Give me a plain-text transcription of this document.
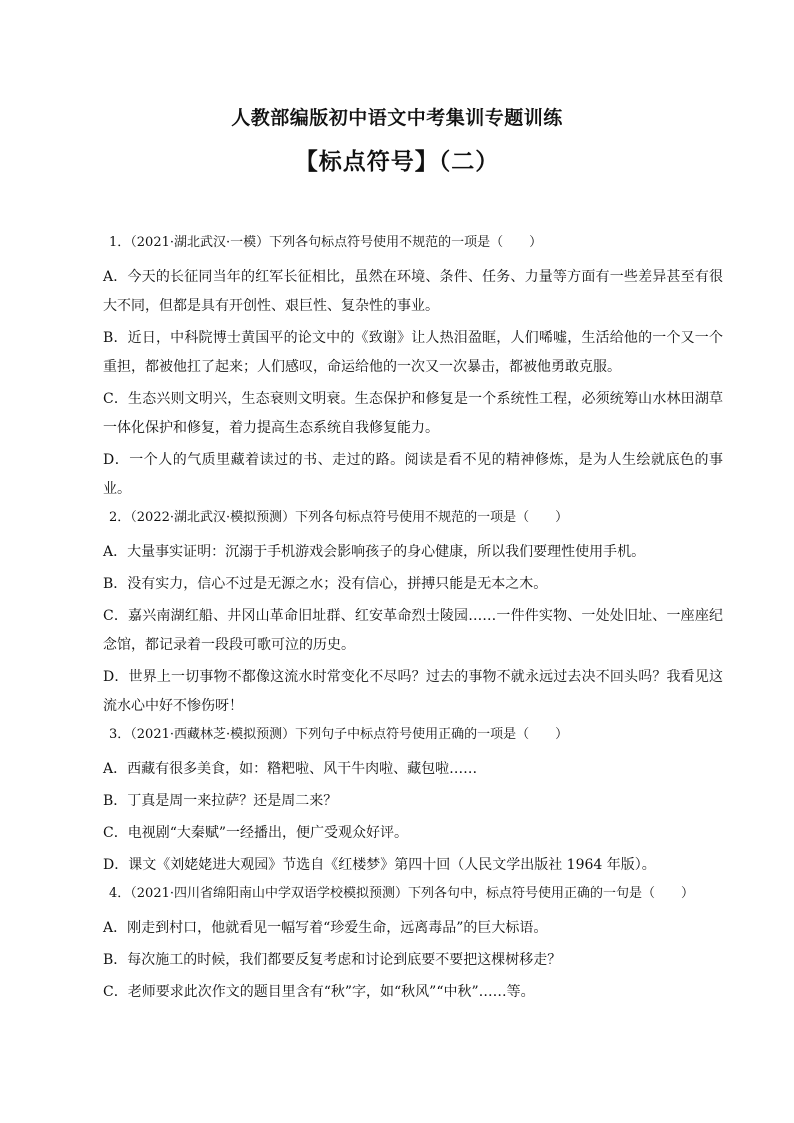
人教部编版初中语文中考集训专题训练
【标点符号】（二）

1．（2021·湖北武汉·一模）下列各句标点符号使用不规范的一项是（　　）

A．今天的长征同当年的红军长征相比，虽然在环境、条件、任务、力量等方面有一些差异甚至有很大不同，但都是具有开创性、艰巨性、复杂性的事业。

B．近日，中科院博士黄国平的论文中的《致谢》让人热泪盈眶，人们唏嘘，生活给他的一个又一个重担，都被他扛了起来；人们感叹，命运给他的一次又一次暴击，都被他勇敢克服。

C．生态兴则文明兴，生态衰则文明衰。生态保护和修复是一个系统性工程，必须统筹山水林田湖草一体化保护和修复，着力提高生态系统自我修复能力。

D．一个人的气质里藏着读过的书、走过的路。阅读是看不见的精神修炼，是为人生绘就底色的事业。

2．（2022·湖北武汉·模拟预测）下列各句标点符号使用不规范的一项是（　　）

A．大量事实证明：沉溺于手机游戏会影响孩子的身心健康，所以我们要理性使用手机。

B．没有实力，信心不过是无源之水；没有信心，拼搏只能是无本之木。

C．嘉兴南湖红船、井冈山革命旧址群、红安革命烈士陵园……一件件实物、一处处旧址、一座座纪念馆，都记录着一段段可歌可泣的历史。

D．世界上一切事物不都像这流水时常变化不尽吗？过去的事物不就永远过去决不回头吗？我看见这流水心中好不惨伤呀！

3．（2021·西藏林芝·模拟预测）下列句子中标点符号使用正确的一项是（　　）

A．西藏有很多美食，如：糌粑啦、风干牛肉啦、藏包啦……

B．丁真是周一来拉萨？还是周二来？

C．电视剧“大秦赋”一经播出，便广受观众好评。

D．课文《刘姥姥进大观园》节选自《红楼梦》第四十回（人民文学出版社 1964 年版）。

4．（2021·四川省绵阳南山中学双语学校模拟预测）下列各句中，标点符号使用正确的一句是（　　）

A．刚走到村口，他就看见一幅写着“珍爱生命，远离毒品”的巨大标语。

B．每次施工的时候，我们都要反复考虑和讨论到底要不要把这棵树移走？

C．老师要求此次作文的题目里含有“秋”字，如“秋风”“中秋”……等。
